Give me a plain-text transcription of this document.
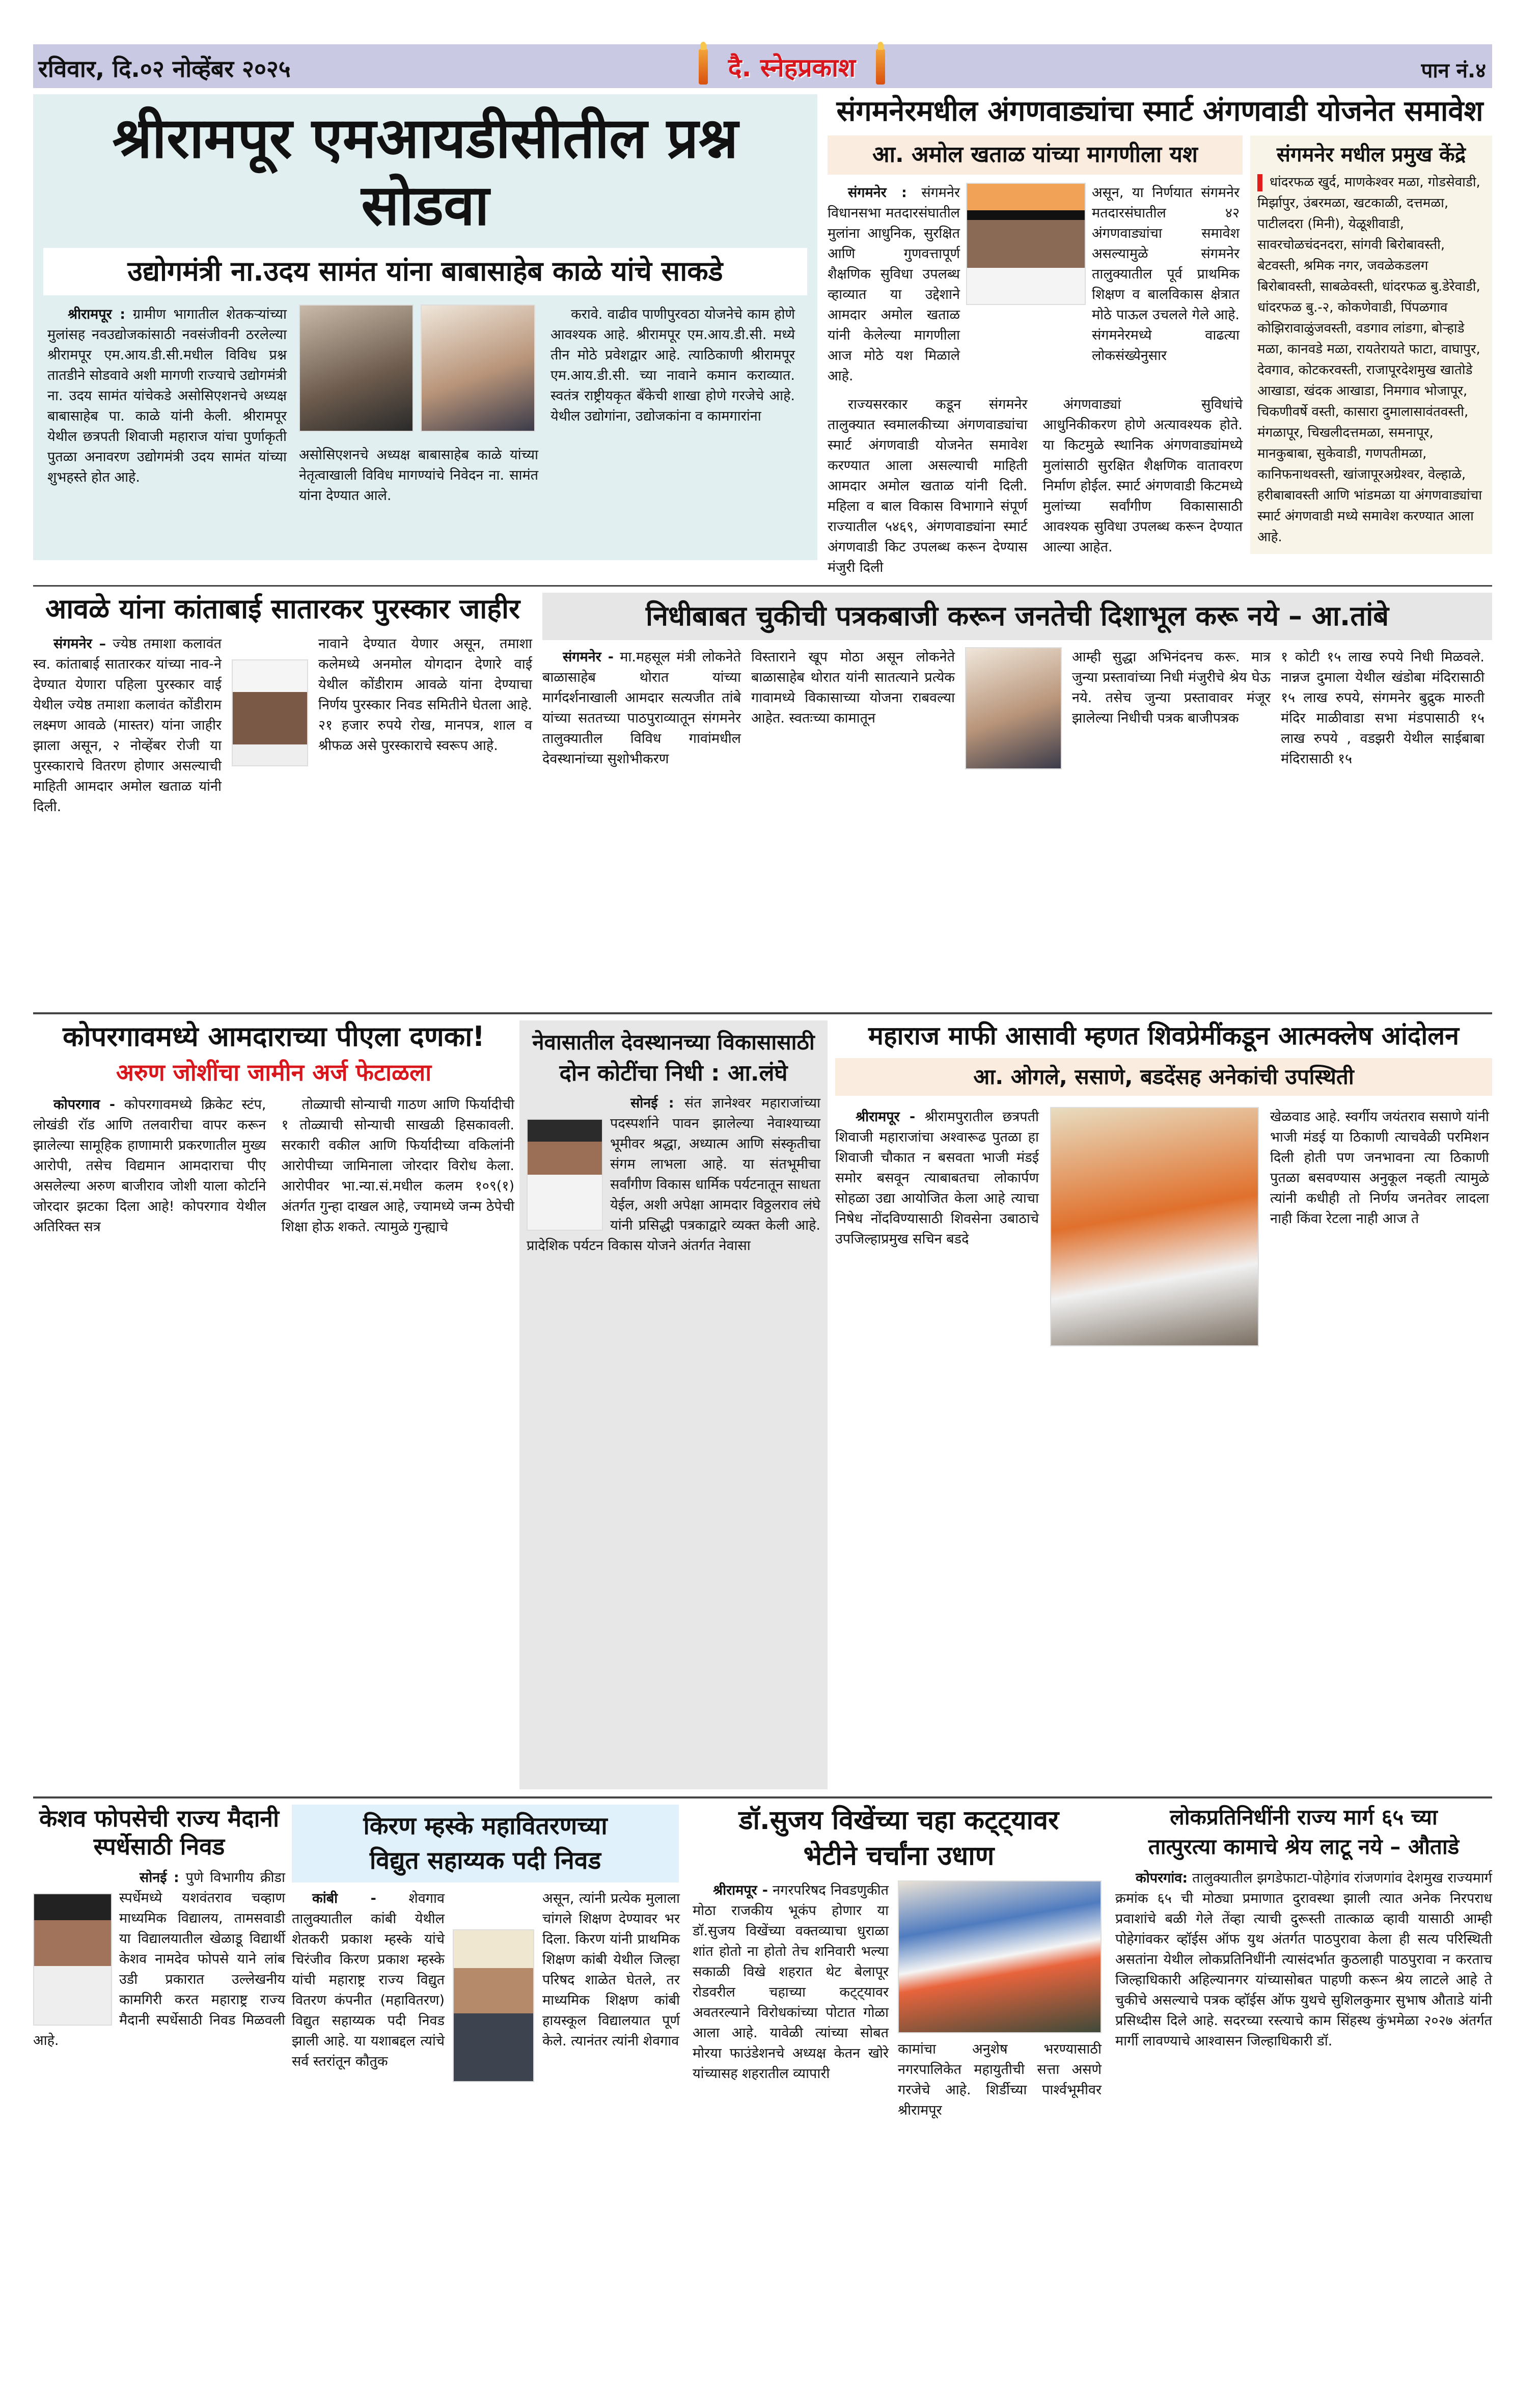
रविवार, दि.०२ नोव्हेंबर २०२५	दै. स्नेहप्रकाश	पान नं.४
श्रीरामपूर एमआयडीसीतील प्रश्न सोडवा
उद्योगमंत्री ना.उदय सामंत यांना बाबासाहेब काळे यांचे साकडे

श्रीरामपूर : ग्रामीण भागातील शेतकऱ्यांच्या मुलांसह नवउद्योजकांसाठी नवसंजीवनी ठरलेल्या श्रीरामपूर एम.आय.डी.सी.मधील विविध प्रश्न तातडीने सोडवावे अशी मागणी राज्याचे उद्योगमंत्री ना. उदय सामंत यांचेकडे असोसिएशनचे अध्यक्ष बाबासाहेब पा. काळे यांनी केली. श्रीरामपूर येथील छत्रपती शिवाजी महाराज यांचा पुर्णाकृती पुतळा अनावरण उद्योगमंत्री उदय सामंत यांच्या शुभहस्ते होत आहे.

असोसिएशनचे अध्यक्ष बाबासाहेब काळे यांच्या नेतृत्वाखाली विविध मागण्यांचे निवेदन ना. सामंत यांना देण्यात आले.

करावे. वाढीव पाणीपुरवठा योजनेचे काम होणे आवश्यक आहे. श्रीरामपूर एम.आय.डी.सी. मध्ये तीन मोठे प्रवेशद्वार आहे. त्याठिकाणी श्रीरामपूर एम.आय.डी.सी. च्या नावाने कमान कराव्यात. स्वतंत्र राष्ट्रीयकृत बँकेची शाखा होणे गरजेचे आहे. येथील उद्योगांना, उद्योजकांना व कामगारांना

संगमनेरमधील अंगणवाड्यांचा स्मार्ट अंगणवाडी योजनेत समावेश
आ. अमोल खताळ यांच्या मागणीला यश

संगमनेर : संगमनेर विधानसभा मतदारसंघातील मुलांना आधुनिक, सुरक्षित आणि गुणवत्तापूर्ण शैक्षणिक सुविधा उपलब्ध व्हाव्यात या उद्देशाने आमदार अमोल खताळ यांनी केलेल्या मागणीला आज मोठे यश मिळाले आहे.

असून, या निर्णयात संगमनेर मतदारसंघातील ४२ अंगणवाड्यांचा समावेश असल्यामुळे संगमनेर तालुक्यातील पूर्व प्राथमिक शिक्षण व बालविकास क्षेत्रात मोठे पाऊल उचलले गेले आहे. संगमनेरमध्ये वाढत्या लोकसंख्येनुसार

राज्यसरकार कडून संगमनेर तालुक्यात स्वमालकीच्या अंगणवाड्यांचा स्मार्ट अंगणवाडी योजनेत समावेश करण्यात आला असल्याची माहिती आमदार अमोल खताळ यांनी दिली. महिला व बाल विकास विभागाने संपूर्ण राज्यातील ५४६९, अंगणवाड्यांना स्मार्ट अंगणवाडी किट उपलब्ध करून देण्यास मंजुरी दिली

अंगणवाड्यां सुविधांचे आधुनिकीकरण होणे अत्यावश्यक होते. या किटमुळे स्थानिक अंगणवाड्यांमध्ये मुलांसाठी सुरक्षित शैक्षणिक वातावरण निर्माण होईल. स्मार्ट अंगणवाडी किटमध्ये मुलांच्या सर्वांगीण विकासासाठी आवश्यक सुविधा उपलब्ध करून देण्यात आल्या आहेत.

संगमनेर मधील प्रमुख केंद्रे
धांदरफळ खुर्द, माणकेश्वर मळा, गोडसेवाडी, मिर्झापुर, उंबरमळा, खटकाळी, दत्तमळा, पाटीलदरा (मिनी), येळूशीवाडी, सावरचोळचंदनदरा, सांगवी बिरोबावस्ती, बेटवस्ती, श्रमिक नगर, जवळेकडलग बिरोबावस्ती, साबळेवस्ती, धांदरफळ बु.डेरेवाडी, धांदरफळ बु.-२, कोकणेवाडी, पिंपळगाव कोझिरावाळुंजवस्ती, वडगाव लांडगा, बोऱ्हाडे मळा, कानवडे मळा, रायतेरायते फाटा, वाघापुर, देवगाव, कोटकरवस्ती, राजापूरदेशमुख खातोडे आखाडा, खंदक आखाडा, निमगाव भोजापूर, चिकणीवर्षे वस्ती, कासारा दुमालासावंतवस्ती, मंगळापूर, चिखलीदत्तमळा, समनापूर, मानकुबाबा, सुकेवाडी, गणपतीमळा, कानिफनाथवस्ती, खांजापूरअग्रेश्वर, वेल्हाळे, हरीबाबावस्ती आणि भांडमळा या अंगणवाड्यांचा स्मार्ट अंगणवाडी मध्ये समावेश करण्यात आला आहे.
आवळे यांना कांताबाई सातारकर पुरस्कार जाहीर

संगमनेर – ज्येष्ठ तमाशा कलावंत स्व. कांताबाई सातारकर यांच्या नाव-ने देण्यात येणारा पहिला पुरस्कार वाई येथील ज्येष्ठ तमाशा कलावंत कोंडीराम लक्ष्मण आवळे (मास्तर) यांना जाहीर झाला असून, २ नोव्हेंबर रोजी या पुरस्काराचे वितरण होणार असल्याची माहिती आमदार अमोल खताळ यांनी दिली.

नावाने देण्यात येणार असून, तमाशा कलेमध्ये अनमोल योगदान देणारे वाई येथील कोंडीराम आवळे यांना देण्याचा निर्णय पुरस्कार निवड समितीने घेतला आहे. २१ हजार रुपये रोख, मानपत्र, शाल व श्रीफळ असे पुरस्काराचे स्वरूप आहे.
निधीबाबत चुकीची पत्रकबाजी करून जनतेची दिशाभूल करू नये – आ.तांबे

संगमनेर - मा.महसूल मंत्री लोकनेते बाळासाहेब थोरात यांच्या मार्गदर्शनाखाली आमदार सत्यजीत तांबे यांच्या सततच्या पाठपुराव्यातून संगमनेर तालुक्यातील विविध गावांमधील देवस्थानांच्या सुशोभीकरण

विस्ताराने खूप मोठा असून लोकनेते बाळासाहेब थोरात यांनी सातत्याने प्रत्येक गावामध्ये विकासाच्या योजना राबवल्या आहेत. स्वतःच्या कामातून
आम्ही सुद्धा अभिनंदनच करू. मात्र जुन्या प्रस्तावांच्या निधी मंजुरीचे श्रेय घेऊ नये. तसेच जुन्या प्रस्तावावर मंजूर झालेल्या निधीची पत्रक बाजीपत्रक
१ कोटी १५ लाख रुपये निधी मिळवले. नान्नज दुमाला येथील खंडोबा मंदिरासाठी १५ लाख रुपये, संगमनेर बुद्रुक मारुती मंदिर माळीवाडा सभा मंडपासाठी १५ लाख रुपये , वडझरी येथील साईबाबा मंदिरासाठी १५
कोपरगावमध्ये आमदाराच्या पीएला दणका!
अरुण जोशींचा जामीन अर्ज फेटाळला

कोपरगाव - कोपरगावमध्ये क्रिकेट स्टंप, लोखंडी रॉड आणि तलवारीचा वापर करून झालेल्या सामूहिक हाणामारी प्रकरणातील मुख्य आरोपी, तसेच विद्यमान आमदाराचा पीए असलेल्या अरुण बाजीराव जोशी याला कोर्टाने जोरदार झटका दिला आहे! कोपरगाव येथील अतिरिक्त सत्र

तोळ्याची सोन्याची गाठण आणि फिर्यादीची १ तोळ्याची सोन्याची साखळी हिसकावली. सरकारी वकील आणि फिर्यादीच्या वकिलांनी आरोपीच्या जामिनाला जोरदार विरोध केला. आरोपीवर भा.न्या.सं.मधील कलम १०९(१) अंतर्गत गुन्हा दाखल आहे, ज्यामध्ये जन्म ठेपेची शिक्षा होऊ शकते. त्यामुळे गुन्ह्याचे

नेवासातील देवस्थानच्या विकासासाठी
दोन कोटींचा निधी : आ.लंघे

सोनई : संत ज्ञानेश्वर महाराजांच्या पदस्पर्शाने पावन झालेल्या नेवाश्याच्या भूमीवर श्रद्धा, अध्यात्म आणि संस्कृतीचा संगम लाभला आहे. या संतभूमीचा सर्वांगीण विकास धार्मिक पर्यटनातून साधता येईल, अशी अपेक्षा आमदार विठ्ठलराव लंघे यांनी प्रसिद्धी पत्रकाद्वारे व्यक्त केली आहे. प्रादेशिक पर्यटन विकास योजने अंतर्गत नेवासा

महाराज माफी आसावी म्हणत शिवप्रेमींकडून आत्मक्लेष आंदोलन
आ. ओगले, ससाणे, बडदेंसह अनेकांची उपस्थिती

श्रीरामपूर - श्रीरामपुरातील छत्रपती शिवाजी महाराजांचा अश्वारूढ पुतळा हा शिवाजी चौकात न बसवता भाजी मंडई समोर बसवून त्याबाबतचा लोकार्पण सोहळा उद्या आयोजित केला आहे त्याचा निषेध नोंदविण्यासाठी शिवसेना उबाठाचे उपजिल्हाप्रमुख सचिन बडदे

खेळवाड आहे. स्वर्गीय जयंतराव ससाणे यांनी भाजी मंडई या ठिकाणी त्याचवेळी परमिशन दिली होती पण जनभावना त्या ठिकाणी पुतळा बसवण्यास अनुकूल नव्हती त्यामुळे त्यांनी कधीही तो निर्णय जनतेवर लादला नाही किंवा रेटला नाही आज ते
केशव फोपसेची राज्य मैदानी स्पर्धेसाठी निवड

सोनई : पुणे विभागीय क्रीडा स्पर्धेमध्ये यशवंतराव चव्हाण माध्यमिक विद्यालय, तामसवाडी या विद्यालयातील खेळाडू विद्यार्थी केशव नामदेव फोपसे याने लांब उडी प्रकारात उल्लेखनीय कामगिरी करत महाराष्ट्र राज्य मैदानी स्पर्धेसाठी निवड मिळवली आहे.

किरण म्हस्के महावितरणच्या
विद्युत सहाय्यक पदी निवड

कांबी - शेवगाव तालुक्यातील कांबी येथील शेतकरी प्रकाश म्हस्के यांचे चिरंजीव किरण प्रकाश म्हस्के यांची महाराष्ट्र राज्य विद्युत वितरण कंपनीत (महावितरण) विद्युत सहाय्यक पदी निवड झाली आहे. या यशाबद्दल त्यांचे सर्व स्तरांतून कौतुक

असून, त्यांनी प्रत्येक मुलाला चांगले शिक्षण देण्यावर भर दिला. किरण यांनी प्राथमिक शिक्षण कांबी येथील जिल्हा परिषद शाळेत घेतले, तर माध्यमिक शिक्षण कांबी हायस्कूल विद्यालयात पूर्ण केले. त्यानंतर त्यांनी शेवगाव
डॉ.सुजय विखेंच्या चहा कट्ट्यावर
भेटीने चर्चांना उधाण

श्रीरामपूर - नगरपरिषद निवडणुकीत मोठा राजकीय भूकंप होणार या डॉ.सुजय विखेंच्या वक्तव्याचा धुराळा शांत होतो ना होतो तेच शनिवारी भल्या सकाळी विखे शहरात थेट बेलापूर रोडवरील चहाच्या कट्ट्यावर अवतरल्याने विरोधकांच्या पोटात गोळा आला आहे. यावेळी त्यांच्या सोबत मोरया फाउंडेशनचे अध्यक्ष केतन खोरे यांच्यासह शहरातील व्यापारी

कामांचा अनुशेष भरण्यासाठी नगरपालिकेत महायुतीची सत्ता असणे गरजेचे आहे. शिर्डीच्या पार्श्वभूमीवर श्रीरामपूर
लोकप्रतिनिधींनी राज्य मार्ग ६५ च्या
तात्पुरत्या कामाचे श्रेय लाटू नये – औताडे

कोपरगांव: तालुक्यातील झगडेफाटा-पोहेगांव रांजणगांव देशमुख राज्यमार्ग क्रमांक ६५ ची मोठ्या प्रमाणात दुरावस्था झाली त्यात अनेक निरपराध प्रवाशांचे बळी गेले तेंव्हा त्याची दुरूस्ती तात्काळ व्हावी यासाठी आम्ही पोहेगांवकर व्हॉईस ऑफ युथ अंतर्गत पाठपुरावा केला ही सत्य परिस्थिती असतांना येथील लोकप्रतिनिधींनी त्यासंदर्भात कुठलाही पाठपुरावा न करताच जिल्हाधिकारी अहिल्यानगर यांच्यासोबत पाहणी करून श्रेय लाटले आहे ते चुकीचे असल्याचे पत्रक व्हॉईस ऑफ युथचे सुशिलकुमार सुभाष औताडे यांनी प्रसिध्दीस दिले आहे. सदरच्या रस्त्याचे काम सिंहस्थ कुंभमेळा २०२७ अंतर्गत मार्गी लावण्याचे आश्वासन जिल्हाधिकारी डॉ.
